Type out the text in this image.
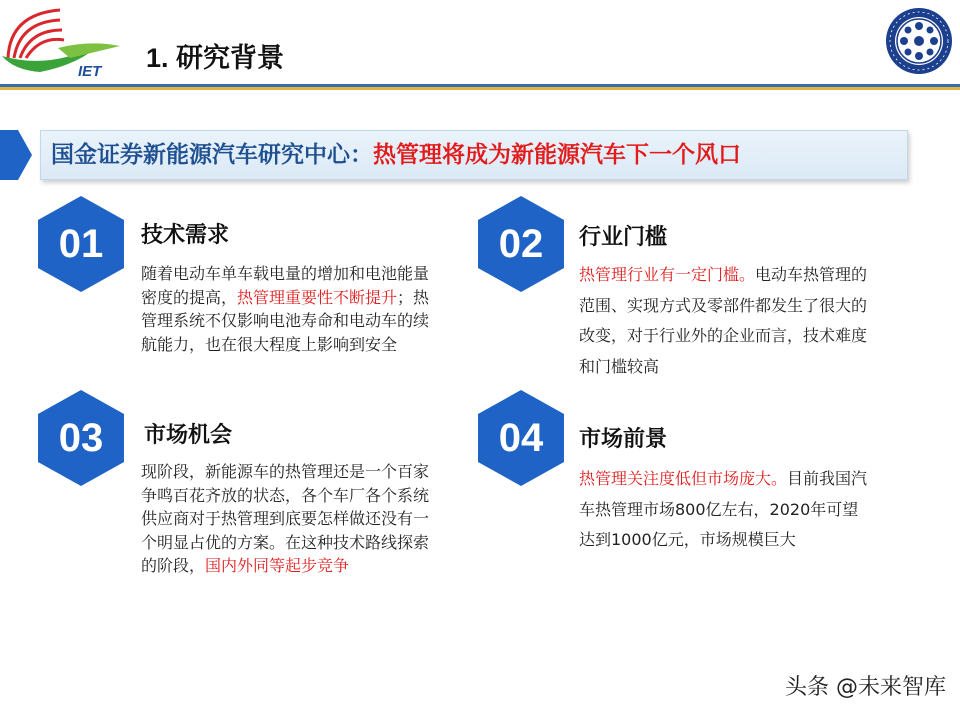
IET 1. 研究背景
国金证券新能源汽车研究中心：热管理将成为新能源汽车下一个风口
01	技术需求
随着电动车单车载电量的增加和电池能量密度的提高，热管理重要性不断提升；热管理系统不仅影响电池寿命和电动车的续航能力，也在很大程度上影响到安全
02	行业门槛
热管理行业有一定门槛。电动车热管理的范围、实现方式及零部件都发生了很大的改变，对于行业外的企业而言，技术难度和门槛较高
03	市场机会
现阶段，新能源车的热管理还是一个百家争鸣百花齐放的状态，各个车厂各个系统供应商对于热管理到底要怎样做还没有一个明显占优的方案。在这种技术路线探索的阶段，国内外同等起步竞争
04	市场前景
热管理关注度低但市场庞大。目前我国汽车热管理市场800亿左右，2020年可望达到1000亿元，市场规模巨大
头条 @未来智库
